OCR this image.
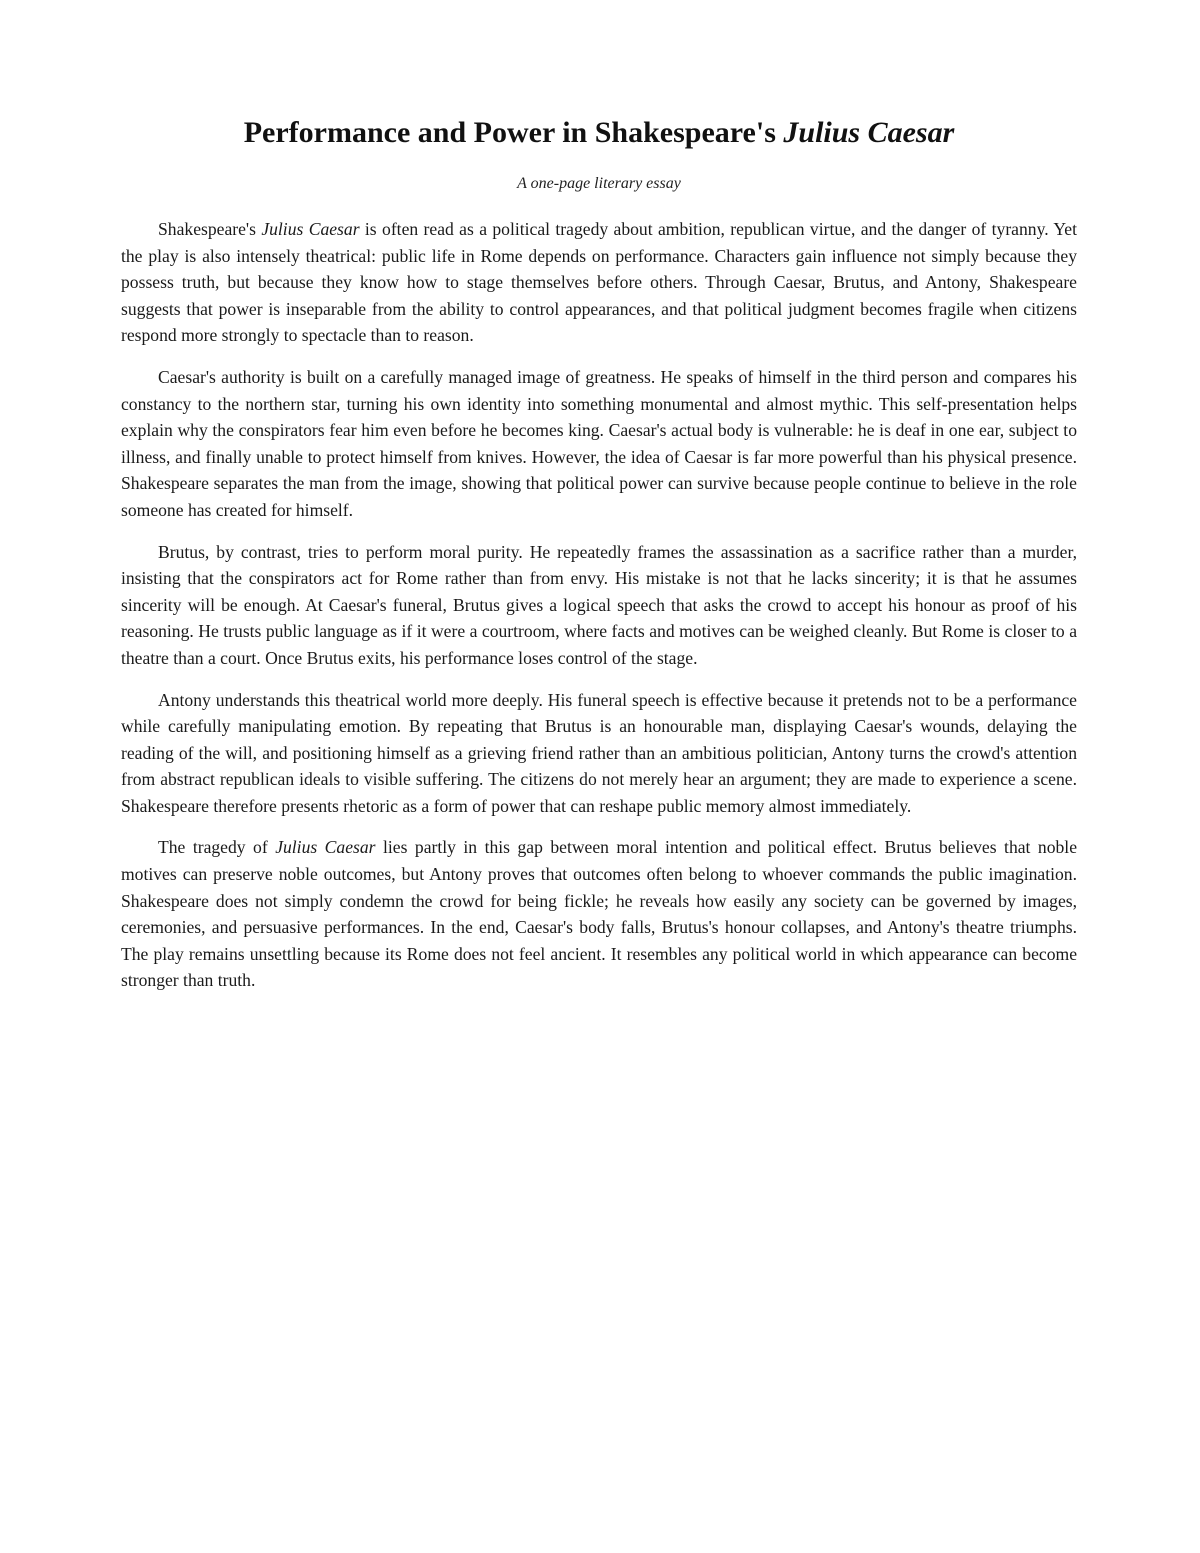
Performance and Power in Shakespeare's Julius Caesar

A one-page literary essay

Shakespeare's Julius Caesar is often read as a political tragedy about ambition, republican virtue, and the danger of tyranny. Yet the play is also intensely theatrical: public life in Rome depends on performance. Characters gain influence not simply because they possess truth, but because they know how to stage themselves before others. Through Caesar, Brutus, and Antony, Shakespeare suggests that power is inseparable from the ability to control appearances, and that political judgment becomes fragile when citizens respond more strongly to spectacle than to reason.

Caesar's authority is built on a carefully managed image of greatness. He speaks of himself in the third person and compares his constancy to the northern star, turning his own identity into something monumental and almost mythic. This self-presentation helps explain why the conspirators fear him even before he becomes king. Caesar's actual body is vulnerable: he is deaf in one ear, subject to illness, and finally unable to protect himself from knives. However, the idea of Caesar is far more powerful than his physical presence. Shakespeare separates the man from the image, showing that political power can survive because people continue to believe in the role someone has created for himself.

Brutus, by contrast, tries to perform moral purity. He repeatedly frames the assassination as a sacrifice rather than a murder, insisting that the conspirators act for Rome rather than from envy. His mistake is not that he lacks sincerity; it is that he assumes sincerity will be enough. At Caesar's funeral, Brutus gives a logical speech that asks the crowd to accept his honour as proof of his reasoning. He trusts public language as if it were a courtroom, where facts and motives can be weighed cleanly. But Rome is closer to a theatre than a court. Once Brutus exits, his performance loses control of the stage.

Antony understands this theatrical world more deeply. His funeral speech is effective because it pretends not to be a performance while carefully manipulating emotion. By repeating that Brutus is an honourable man, displaying Caesar's wounds, delaying the reading of the will, and positioning himself as a grieving friend rather than an ambitious politician, Antony turns the crowd's attention from abstract republican ideals to visible suffering. The citizens do not merely hear an argument; they are made to experience a scene. Shakespeare therefore presents rhetoric as a form of power that can reshape public memory almost immediately.

The tragedy of Julius Caesar lies partly in this gap between moral intention and political effect. Brutus believes that noble motives can preserve noble outcomes, but Antony proves that outcomes often belong to whoever commands the public imagination. Shakespeare does not simply condemn the crowd for being fickle; he reveals how easily any society can be governed by images, ceremonies, and persuasive performances. In the end, Caesar's body falls, Brutus's honour collapses, and Antony's theatre triumphs. The play remains unsettling because its Rome does not feel ancient. It resembles any political world in which appearance can become stronger than truth.
